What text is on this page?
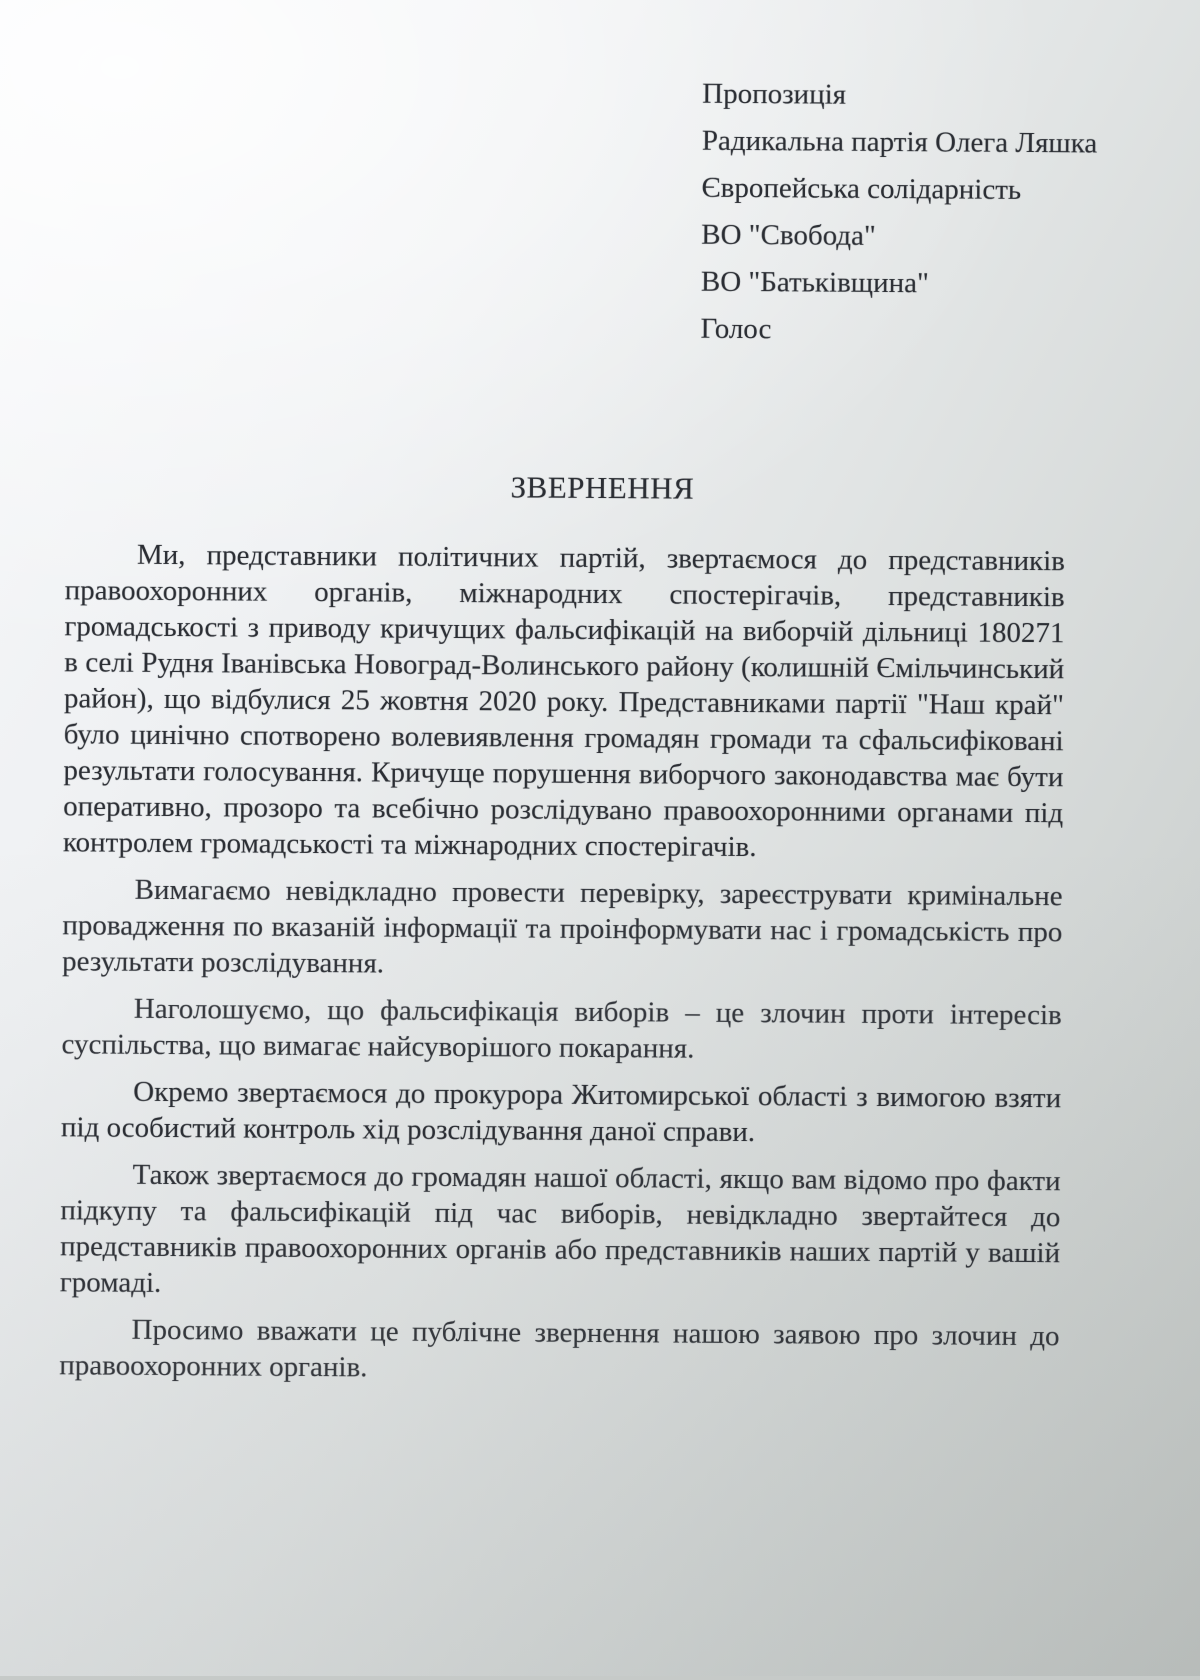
Пропозиція
Радикальна партія Олега Ляшка
Європейська солідарність
ВО "Свобода"
ВО "Батьківщина"
Голос
ЗВЕРНЕННЯ

Ми, представники політичних партій, звертаємося до представників правоохоронних органів, міжнародних спостерігачів, представників громадськості з приводу кричущих фальсифікацій на виборчій дільниці 180271 в селі Рудня Іванівська Новоград-Волинського району (колишній Ємільчинський район), що відбулися 25 жовтня 2020 року. Представниками партії "Наш край" було цинічно спотворено волевиявлення громадян громади та сфальсифіковані результати голосування. Кричуще порушення виборчого законодавства має бути оперативно, прозоро та всебічно розслідувано правоохоронними органами під контролем громадськості та міжнародних спостерігачів.

Вимагаємо невідкладно провести перевірку, зареєструвати кримінальне провадження по вказаній інформації та проінформувати нас і громадськість про результати розслідування.

Наголошуємо, що фальсифікація виборів – це злочин проти інтересів суспільства, що вимагає найсуворішого покарання.

Окремо звертаємося до прокурора Житомирської області з вимогою взяти під особистий контроль хід розслідування даної справи.

Також звертаємося до громадян нашої області, якщо вам відомо про факти підкупу та фальсифікацій під час виборів, невідкладно звертайтеся до представників правоохоронних органів або представників наших партій у вашій громаді.

Просимо вважати це публічне звернення нашою заявою про злочин до правоохоронних органів.
